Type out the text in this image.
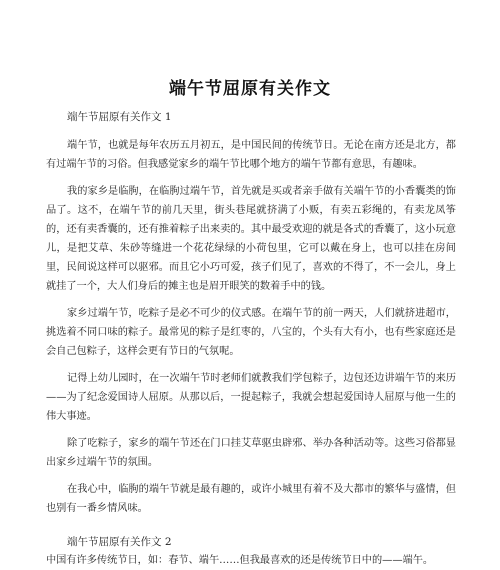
端午节屈原有关作文
端午节屈原有关作文 1

端午节，也就是每年农历五月初五，是中国民间的传统节日。无论在南方还是北方，都有过端午节的习俗。但我感觉家乡的端午节比哪个地方的端午节都有意思，有趣味。

我的家乡是临朐，在临朐过端午节，首先就是买或者亲手做有关端午节的小香囊类的饰品了。这不，在端午节的前几天里，街头巷尾就挤满了小贩，有卖五彩绳的，有卖龙凤筝的，还有卖香囊的，还有推着粽子出来卖的。其中最受欢迎的就是各式的香囊了，这小玩意儿，是把艾草、朱砂等缝进一个花花绿绿的小荷包里，它可以戴在身上，也可以挂在房间里，民间说这样可以驱邪。而且它小巧可爱，孩子们见了，喜欢的不得了，不一会儿，身上就挂了一个，大人们身后的摊主也是眉开眼笑的数着手中的钱。

家乡过端午节，吃粽子是必不可少的仪式感。在端午节的前一两天，人们就挤进超市，挑选着不同口味的粽子。最常见的粽子是红枣的，八宝的，个头有大有小，也有些家庭还是会自己包粽子，这样会更有节日的气氛呢。

记得上幼儿园时，在一次端午节时老师们就教我们学包粽子，边包还边讲端午节的来历——为了纪念爱国诗人屈原。从那以后，一提起粽子，我就会想起爱国诗人屈原与他一生的伟大事迹。

除了吃粽子，家乡的端午节还在门口挂艾草驱虫辟邪、举办各种活动等。这些习俗都显出家乡过端午节的氛围。

在我心中，临朐的端午节就是最有趣的，或许小城里有着不及大都市的繁华与盛情，但也别有一番乡情风味。

端午节屈原有关作文 2

中国有许多传统节日，如：春节、端午……但我最喜欢的还是传统节日中的——端午。
